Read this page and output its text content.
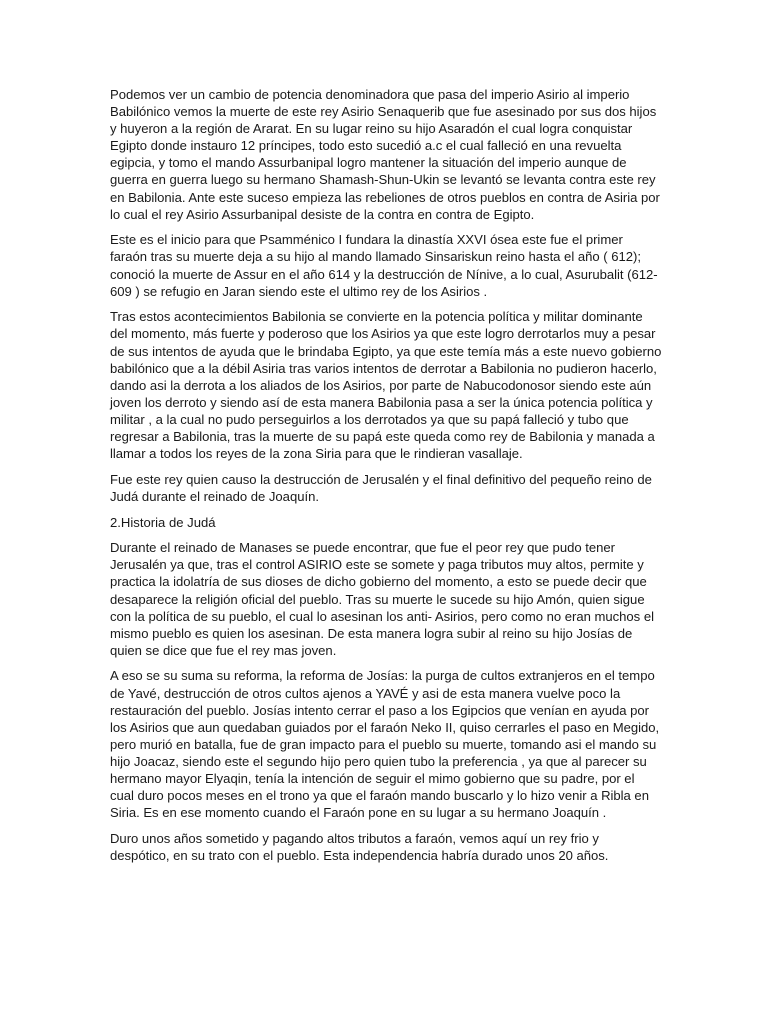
Podemos ver un cambio de potencia denominadora que pasa del imperio Asirio al imperio Babilónico vemos la muerte de este rey Asirio Senaquerib que fue asesinado por sus dos hijos y huyeron a la región de Ararat. En su lugar reino su hijo Asaradón el cual logra conquistar Egipto donde instauro 12 príncipes, todo esto sucedió a.c el cual falleció en una revuelta egipcia, y tomo el mando Assurbanipal logro mantener la situación del imperio aunque de guerra en guerra luego su hermano Shamash-Shun-Ukin se levantó se levanta contra este rey en Babilonia. Ante este suceso empieza las rebeliones de otros pueblos en contra de Asiria por lo cual el rey Asirio Assurbanipal desiste de la contra en contra de Egipto.

Este es el inicio para que Psamménico I fundara la dinastía XXVI ósea este fue el primer faraón tras su muerte deja a su hijo al mando llamado Sinsariskun reino hasta el año ( 612); conoció la muerte de Assur en el año 614 y la destrucción de Nínive, a lo cual, Asurubalit (612-609 ) se refugio en Jaran siendo este el ultimo rey de los Asirios .

Tras estos acontecimientos Babilonia se convierte en la potencia política y militar dominante del momento, más fuerte y poderoso que los Asirios ya que este logro derrotarlos muy a pesar de sus intentos de ayuda que le brindaba Egipto, ya que este temía más a este nuevo gobierno babilónico que a la débil Asiria tras varios intentos de derrotar a Babilonia no pudieron hacerlo, dando asi la derrota a los aliados de los Asirios, por parte de Nabucodonosor siendo este aún joven los derroto y siendo así de esta manera Babilonia pasa a ser la única potencia política y militar , a la cual no pudo perseguirlos a los derrotados ya que su papá falleció y tubo que regresar a Babilonia, tras la muerte de su papá este queda como rey de Babilonia y manada a llamar a todos los reyes de la zona Siria para que le rindieran vasallaje.

Fue este rey quien causo la destrucción de Jerusalén y el final definitivo del pequeño reino de Judá durante el reinado de Joaquín.

2.Historia de Judá

Durante el reinado de Manases se puede encontrar, que fue el peor rey que pudo tener Jerusalén ya que, tras el control ASIRIO este se somete y paga tributos muy altos, permite y practica la idolatría de sus dioses de dicho gobierno del momento, a esto se puede decir que desaparece la religión oficial del pueblo. Tras su muerte le sucede su hijo Amón, quien sigue con la política de su pueblo, el cual lo asesinan los anti- Asirios, pero como no eran muchos el mismo pueblo es quien los asesinan. De esta manera logra subir al reino su hijo Josías de quien se dice que fue el rey mas joven.

A eso se su suma su reforma, la reforma de Josías: la purga de cultos extranjeros en el tempo de Yavé, destrucción de otros cultos ajenos a YAVÉ y asi de esta manera vuelve poco la restauración del pueblo. Josías intento cerrar el paso a los Egipcios que venían en ayuda por los Asirios que aun quedaban guiados por el faraón Neko II, quiso cerrarles el paso en Megido, pero murió en batalla, fue de gran impacto para el pueblo su muerte, tomando asi el mando su hijo Joacaz, siendo este el segundo hijo pero quien tubo la preferencia , ya que al parecer su hermano mayor Elyaqin, tenía la intención de seguir el mimo gobierno que su padre, por el cual duro pocos meses en el trono ya que el faraón mando buscarlo y lo hizo venir a Ribla en Siria. Es en ese momento cuando el Faraón pone en su lugar a su hermano Joaquín .

Duro unos años sometido y pagando altos tributos a faraón, vemos aquí un rey frio y despótico, en su trato con el pueblo. Esta independencia habría durado unos 20 años.
